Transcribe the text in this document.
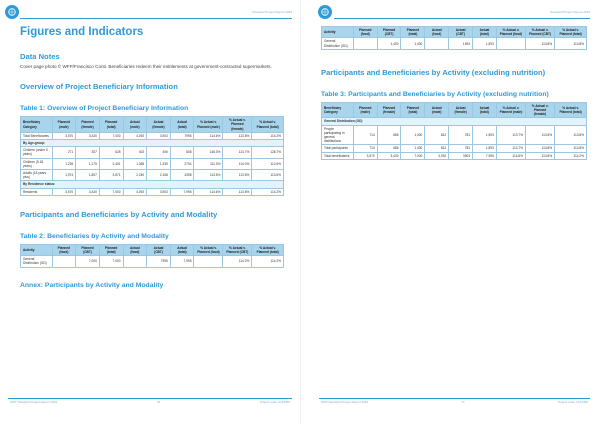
Standard Project Report 2024
Figures and Indicators
Data Notes

Cover page photo © WFP/Francisco Conti. Beneficiaries redeem their entitlements at government-contracted supermarkets.

Overview of Project Beneficiary Information
Table 1: Overview of Project Beneficiary Information
Beneficiary Category	Planned (male)	Planned (female)	Planned (total)	Actual (male)	Actual (female)	Actual (total)	% Actual v. Planned (male)	% Actual v. Planned (female)	% Actual v. Planned (total)
Total Beneficiaries	3,570	3,430	7,000	4,092	3,903	7995	114.6%	113.8%	114.2%
By Age-group:									
Children (under 5 years)	271	357	628	402	406	808	148.3%	113.7%	128.7%
Children (5-18 years)	1,226	1,175	2,401	1,365	1,339	2704	111.3%	114.0%	112.6%
Adults (18 years plus)	1,974	1,897	3,871	2,240	2,158	4398	113.5%	113.8%	113.6%
By Residence status:									
Residents	3,570	3,430	7,000	4,092	3,903	7,995	114.6%	113.8%	114.2%
Participants and Beneficiaries by Activity and Modality
Table 2: Beneficiaries by Activity and Modality
Activity	Planned (food)	Planned (CBT)	Planned (total)	Actual (food)	Actual (CBT)	Actual (total)	% Actual v. Planned (food)	% Actual v. Planned (CBT)	% Actual v. Planned (total)
General Distribution (GD)		7,000	7,000		7995	7,995		114.2%	114.2%
Annex: Participants by Activity and Modality
WFP Standard Project Report 2024	16	Project code: 0123456
Standard Project Report 2024
Activity	Planned (food)	Planned (CBT)	Planned (total)	Actual (food)	Actual (CBT)	Actual (total)	% Actual v. Planned (food)	% Actual v. Planned (CBT)	% Actual v. Planned (total)
General Distribution (GD)		1,400	1,400		1593	1,593		113.8%	113.8%
Participants and Beneficiaries by Activity (excluding nutrition)
Table 3: Participants and Beneficiaries by Activity (excluding nutrition)
Beneficiary Category	Planned (male)	Planned (female)	Planned (total)	Actual (male)	Actual (female)	Actual (total)	% Actual v. Planned (male)	% Actual v. Planned (female)	% Actual v. Planned (total)
General Distribution (GD)									
People participating in general distributions	714	686	1,400	812	781	1,593	113.7%	113.8%	113.8%
Total participants	714	686	1,400	812	781	1,593	113.7%	113.8%	113.8%
Total beneficiaries	3,570	3,430	7,000	4,092	3903	7,995	114.6%	113.8%	114.2%
WFP Standard Project Report 2024	17	Project code: 0123456
